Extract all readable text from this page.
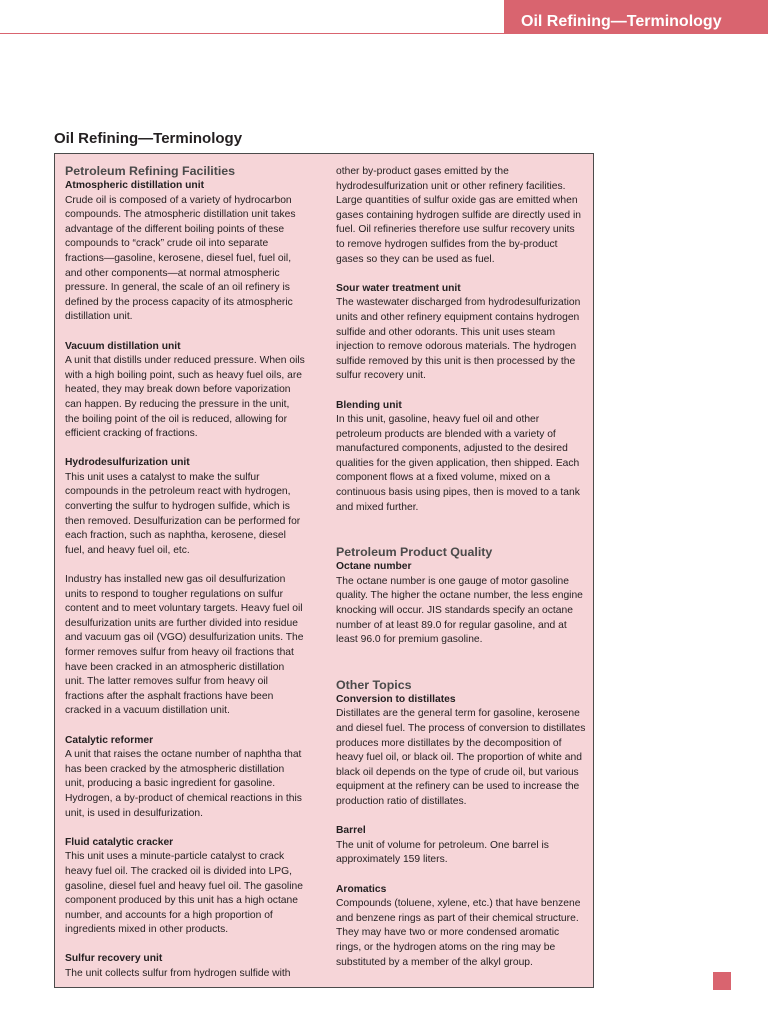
Oil Refining—Terminology
Oil Refining—Terminology
Petroleum Refining Facilities
Atmospheric distillation unit

Crude oil is composed of a variety of hydrocarbon compounds. The atmospheric distillation unit takes advantage of the different boiling points of these compounds to “crack” crude oil into separate fractions—gasoline, kerosene, diesel fuel, fuel oil, and other components—at normal atmospheric pressure. In general, the scale of an oil refinery is defined by the process capacity of its atmospheric distillation unit.

Vacuum distillation unit

A unit that distills under reduced pressure. When oils with a high boiling point, such as heavy fuel oils, are heated, they may break down before vaporization can happen. By reducing the pressure in the unit, the boiling point of the oil is reduced, allowing for efficient cracking of fractions.

Hydrodesulfurization unit

This unit uses a catalyst to make the sulfur compounds in the petroleum react with hydrogen, converting the sulfur to hydrogen sulfide, which is then removed. Desulfurization can be performed for each fraction, such as naphtha, kerosene, diesel fuel, and heavy fuel oil, etc.

Industry has installed new gas oil desulfurization units to respond to tougher regulations on sulfur content and to meet voluntary targets. Heavy fuel oil desulfurization units are further divided into residue and vacuum gas oil (VGO) desulfurization units. The former removes sulfur from heavy oil fractions that have been cracked in an atmospheric distillation unit. The latter removes sulfur from heavy oil fractions after the asphalt fractions have been cracked in a vacuum distillation unit.

Catalytic reformer

A unit that raises the octane number of naphtha that has been cracked by the atmospheric distillation unit, producing a basic ingredient for gasoline. Hydrogen, a by-product of chemical reactions in this unit, is used in desulfurization.

Fluid catalytic cracker

This unit uses a minute-particle catalyst to crack heavy fuel oil. The cracked oil is divided into LPG, gasoline, diesel fuel and heavy fuel oil. The gasoline component produced by this unit has a high octane number, and accounts for a high proportion of ingredients mixed in other products.

Sulfur recovery unit

The unit collects sulfur from hydrogen sulfide with

other by-product gases emitted by the hydrodesulfurization unit or other refinery facilities. Large quantities of sulfur oxide gas are emitted when gases containing hydrogen sulfide are directly used in fuel. Oil refineries therefore use sulfur recovery units to remove hydrogen sulfides from the by-product gases so they can be used as fuel.

Sour water treatment unit

The wastewater discharged from hydrodesulfurization units and other refinery equipment contains hydrogen sulfide and other odorants. This unit uses steam injection to remove odorous materials. The hydrogen sulfide removed by this unit is then processed by the sulfur recovery unit.

Blending unit

In this unit, gasoline, heavy fuel oil and other petroleum products are blended with a variety of manufactured components, adjusted to the desired qualities for the given application, then shipped. Each component flows at a fixed volume, mixed on a continuous basis using pipes, then is moved to a tank and mixed further.

Petroleum Product Quality
Octane number

The octane number is one gauge of motor gasoline quality. The higher the octane number, the less engine knocking will occur. JIS standards specify an octane number of at least 89.0 for regular gasoline, and at least 96.0 for premium gasoline.

Other Topics
Conversion to distillates

Distillates are the general term for gasoline, kerosene and diesel fuel. The process of conversion to distillates produces more distillates by the decomposition of heavy fuel oil, or black oil. The proportion of white and black oil depends on the type of crude oil, but various equipment at the refinery can be used to increase the production ratio of distillates.

Barrel

The unit of volume for petroleum. One barrel is approximately 159 liters.

Aromatics

Compounds (toluene, xylene, etc.) that have benzene and benzene rings as part of their chemical structure. They may have two or more condensed aromatic rings, or the hydrogen atoms on the ring may be substituted by a member of the alkyl group.
